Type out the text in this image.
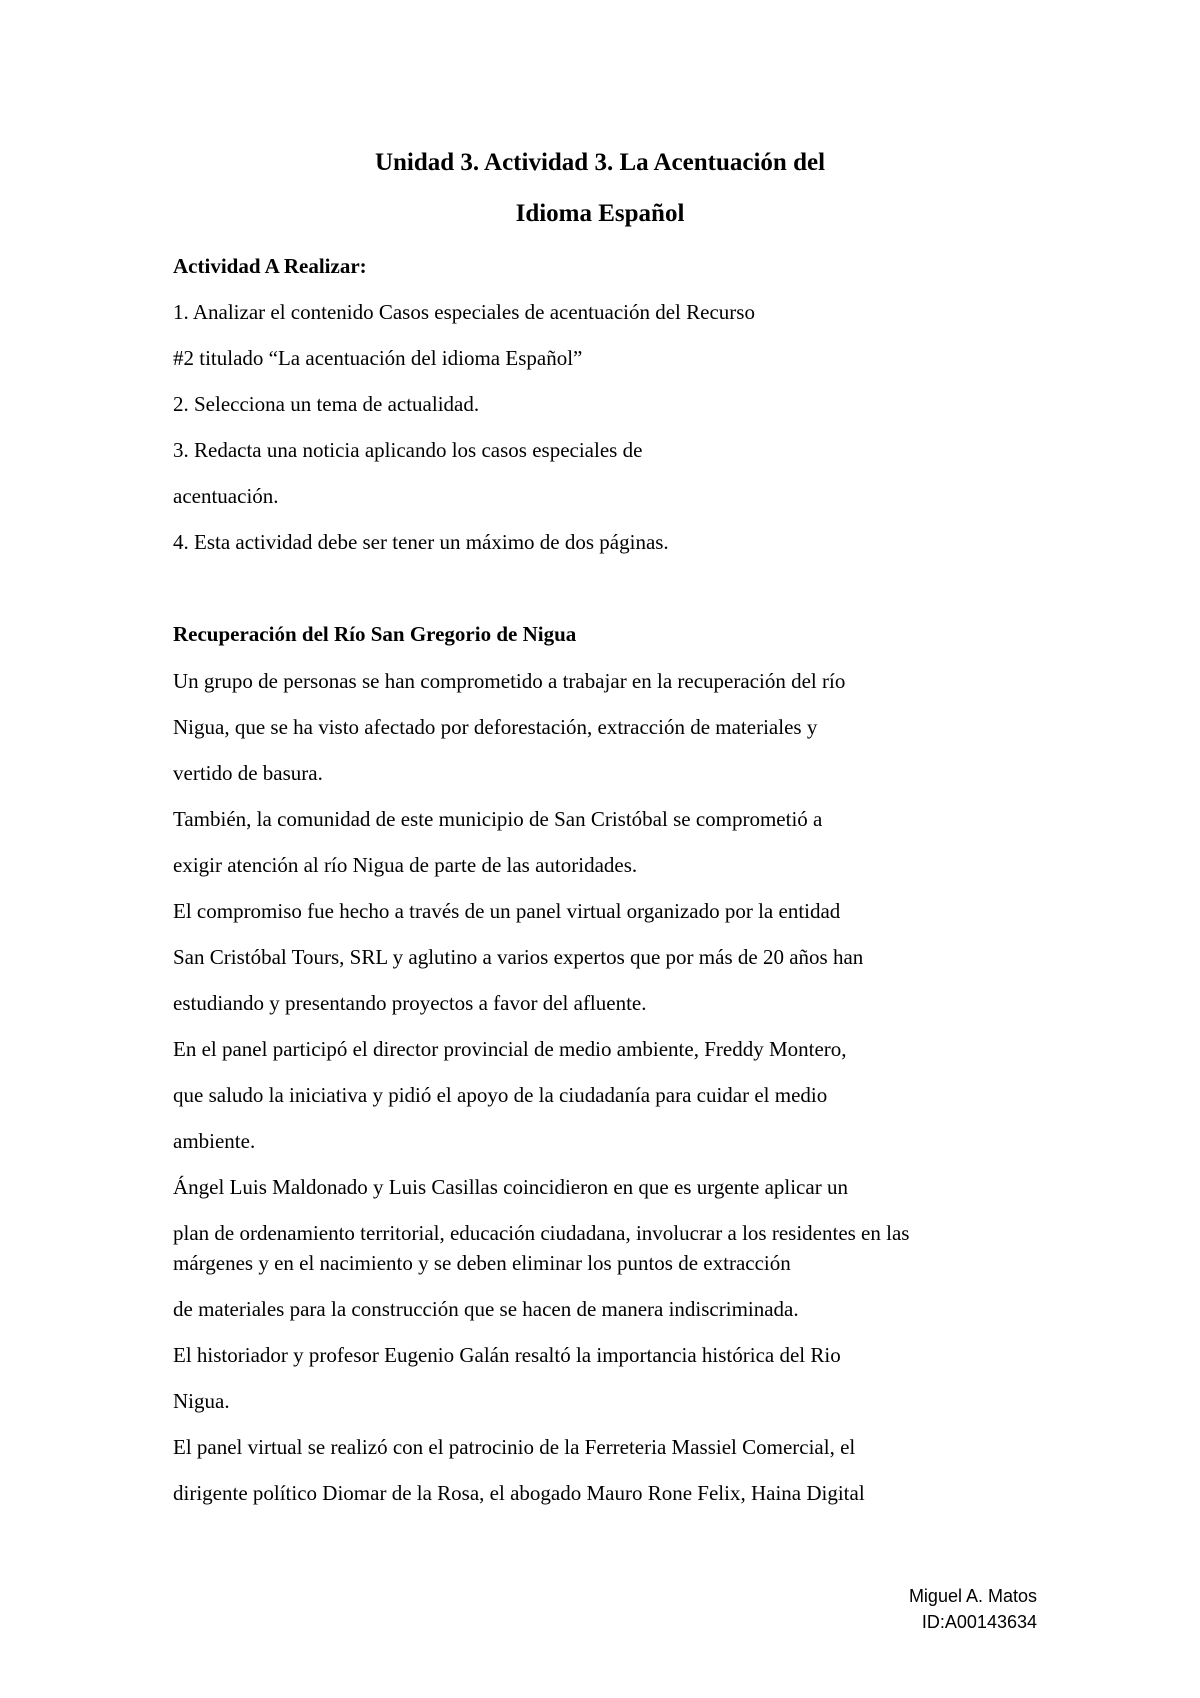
Unidad 3. Actividad 3. La Acentuación del
Idioma Español
Actividad A Realizar:
1. Analizar el contenido Casos especiales de acentuación del Recurso
#2 titulado “La acentuación del idioma Español”
2. Selecciona un tema de actualidad.
3. Redacta una noticia aplicando los casos especiales de
acentuación.
4. Esta actividad debe ser tener un máximo de dos páginas.
Recuperación del Río San Gregorio de Nigua
Un grupo de personas se han comprometido a trabajar en la recuperación del río
Nigua, que se ha visto afectado por deforestación, extracción de materiales y
vertido de basura.
También, la comunidad de este municipio de San Cristóbal se comprometió a
exigir atención al río Nigua de parte de las autoridades.
El compromiso fue hecho a través de un panel virtual organizado por la entidad
San Cristóbal Tours, SRL y aglutino a varios expertos que por más de 20 años han
estudiando y presentando proyectos a favor del afluente.
En el panel participó el director provincial de medio ambiente, Freddy Montero,
que saludo la iniciativa y pidió el apoyo de la ciudadanía para cuidar el medio
ambiente.
Ángel Luis Maldonado y Luis Casillas coincidieron en que es urgente aplicar un
plan de ordenamiento territorial, educación ciudadana, involucrar a los residentes en las
márgenes y en el nacimiento y se deben eliminar los puntos de extracción
de materiales para la construcción que se hacen de manera indiscriminada.
El historiador y profesor Eugenio Galán resaltó la importancia histórica del Rio
Nigua.
El panel virtual se realizó con el patrocinio de la Ferreteria Massiel Comercial, el
dirigente político Diomar de la Rosa, el abogado Mauro Rone Felix, Haina Digital
Miguel A. Matos
ID:A00143634
